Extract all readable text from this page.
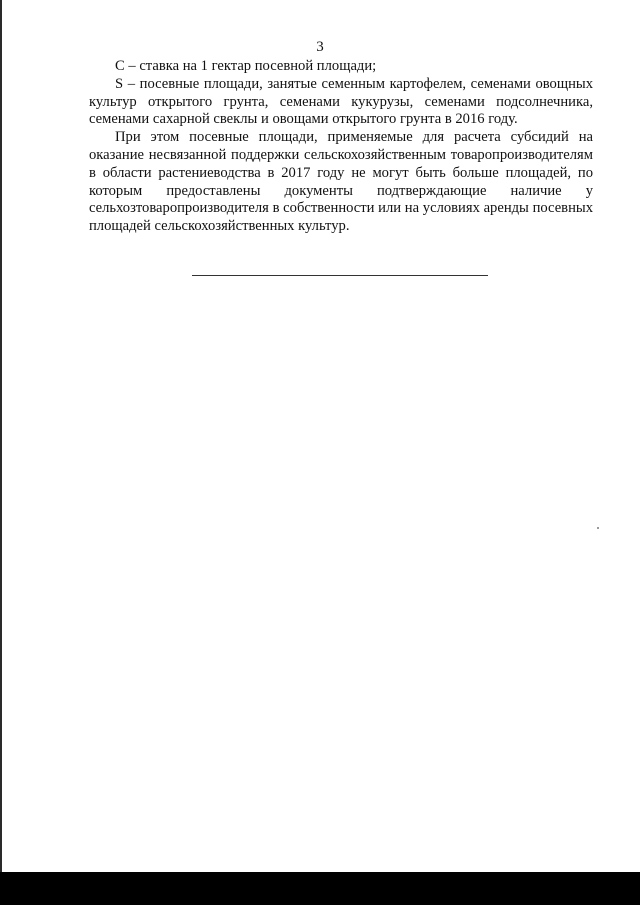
3

C – ставка на 1 гектар посевной площади;

S – посевные площади, занятые семенным картофелем, семенами овощных культур открытого грунта, семенами кукурузы, семенами подсолнечника, семенами сахарной свеклы и овощами открытого грунта в 2016 году.

При этом посевные площади, применяемые для расчета субсидий на оказание несвязанной поддержки сельскохозяйственным товаропроизводителям в области растениеводства в 2017 году не могут быть больше площадей, по которым предоставлены документы подтверждающие наличие у сельхозтоваропроизводителя в собственности или на условиях аренды посевных площадей сельскохозяйственных культур.
